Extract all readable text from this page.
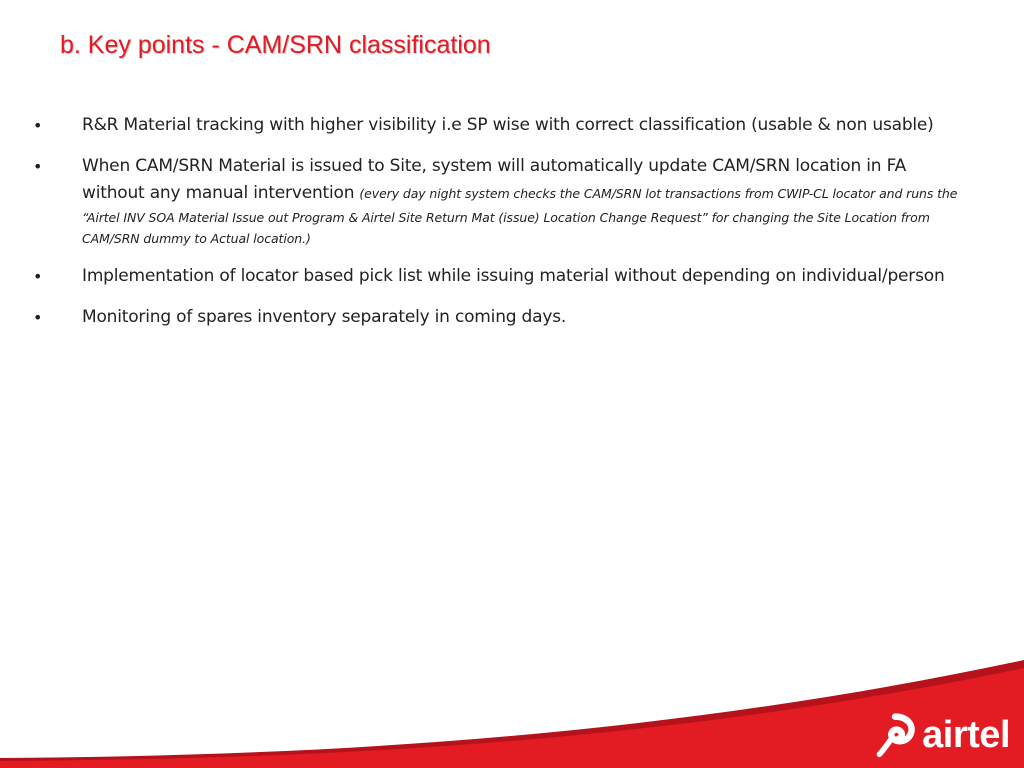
b. Key points - CAM/SRN classification
• R&R Material tracking with higher visibility i.e SP wise with correct classification (usable & non usable)
• When CAM/SRN Material is issued to Site, system will automatically update CAM/SRN location in FA without any manual intervention (every day night system checks the CAM/SRN lot transactions from CWIP-CL locator and runs the “Airtel INV SOA Material Issue out Program & Airtel Site Return Mat (issue) Location Change Request” for changing the Site Location from CAM/SRN dummy to Actual location.)
• Implementation of locator based pick list while issuing material without depending on individual/person
• Monitoring of spares inventory separately in coming days.
airtel
